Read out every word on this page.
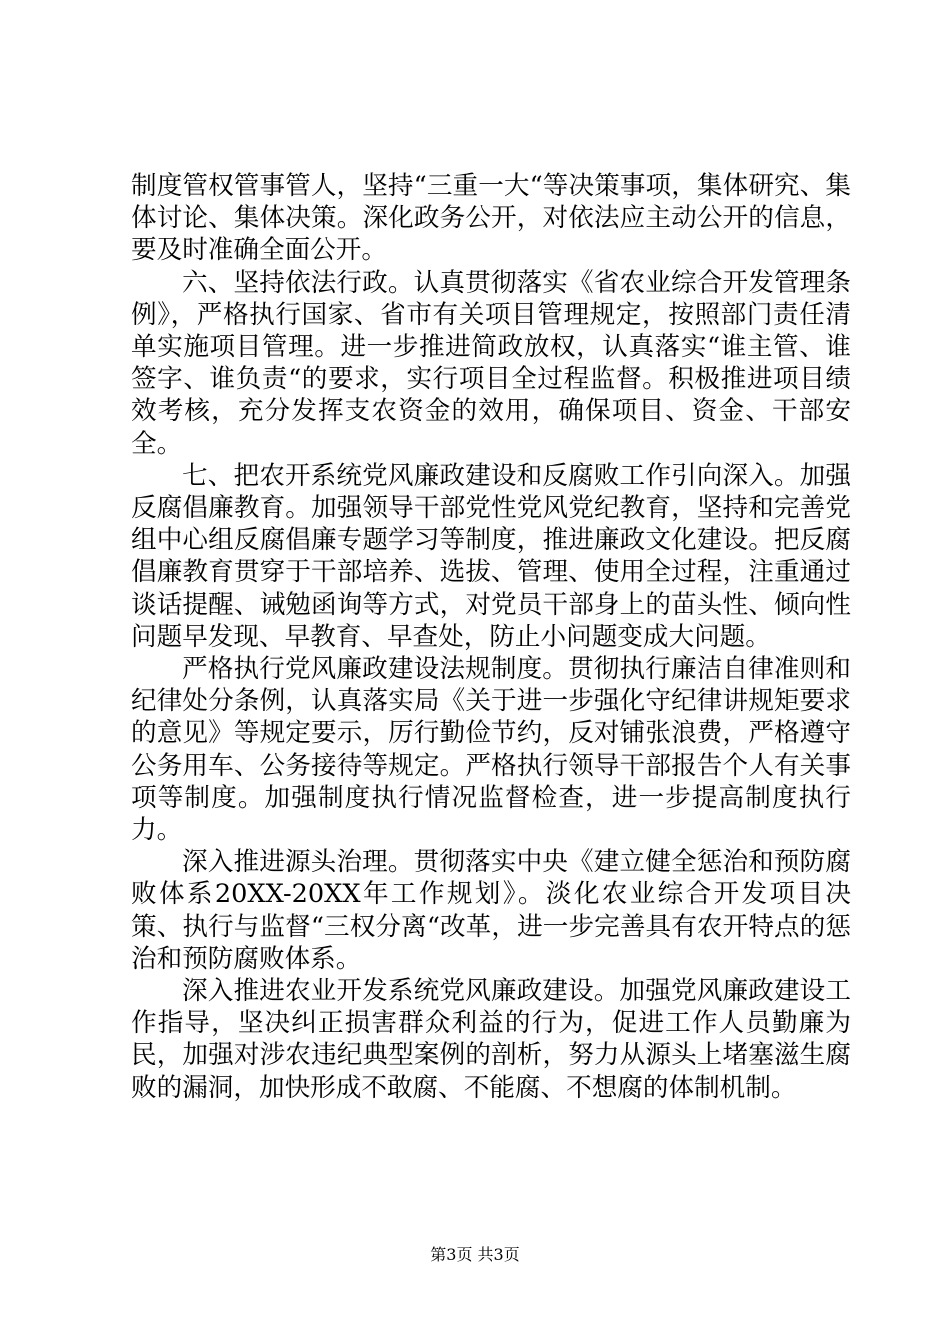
制度管权管事管人，坚持“三重一大“等决策事项，集体研究、集体讨论、集体决策。深化政务公开，对依法应主动公开的信息，要及时准确全面公开。

六、坚持依法行政。认真贯彻落实《省农业综合开发管理条例》，严格执行国家、省市有关项目管理规定，按照部门责任清单实施项目管理。进一步推进简政放权，认真落实“谁主管、谁签字、谁负责“的要求，实行项目全过程监督。积极推进项目绩效考核，充分发挥支农资金的效用，确保项目、资金、干部安全。

七、把农开系统党风廉政建设和反腐败工作引向深入。加强反腐倡廉教育。加强领导干部党性党风党纪教育，坚持和完善党组中心组反腐倡廉专题学习等制度，推进廉政文化建设。把反腐倡廉教育贯穿于干部培养、选拔、管理、使用全过程，注重通过谈话提醒、诫勉函询等方式，对党员干部身上的苗头性、倾向性问题早发现、早教育、早查处，防止小问题变成大问题。

严格执行党风廉政建设法规制度。贯彻执行廉洁自律准则和纪律处分条例，认真落实局《关于进一步强化守纪律讲规矩要求的意见》等规定要示，厉行勤俭节约，反对铺张浪费，严格遵守公务用车、公务接待等规定。严格执行领导干部报告个人有关事项等制度。加强制度执行情况监督检查，进一步提高制度执行力。

深入推进源头治理。贯彻落实中央《建立健全惩治和预防腐败体系20XX-20XX年工作规划》。淡化农业综合开发项目决策、执行与监督“三权分离“改革，进一步完善具有农开特点的惩治和预防腐败体系。

深入推进农业开发系统党风廉政建设。加强党风廉政建设工作指导，坚决纠正损害群众利益的行为，促进工作人员勤廉为民，加强对涉农违纪典型案例的剖析，努力从源头上堵塞滋生腐败的漏洞，加快形成不敢腐、不能腐、不想腐的体制机制。

第3页 共3页
